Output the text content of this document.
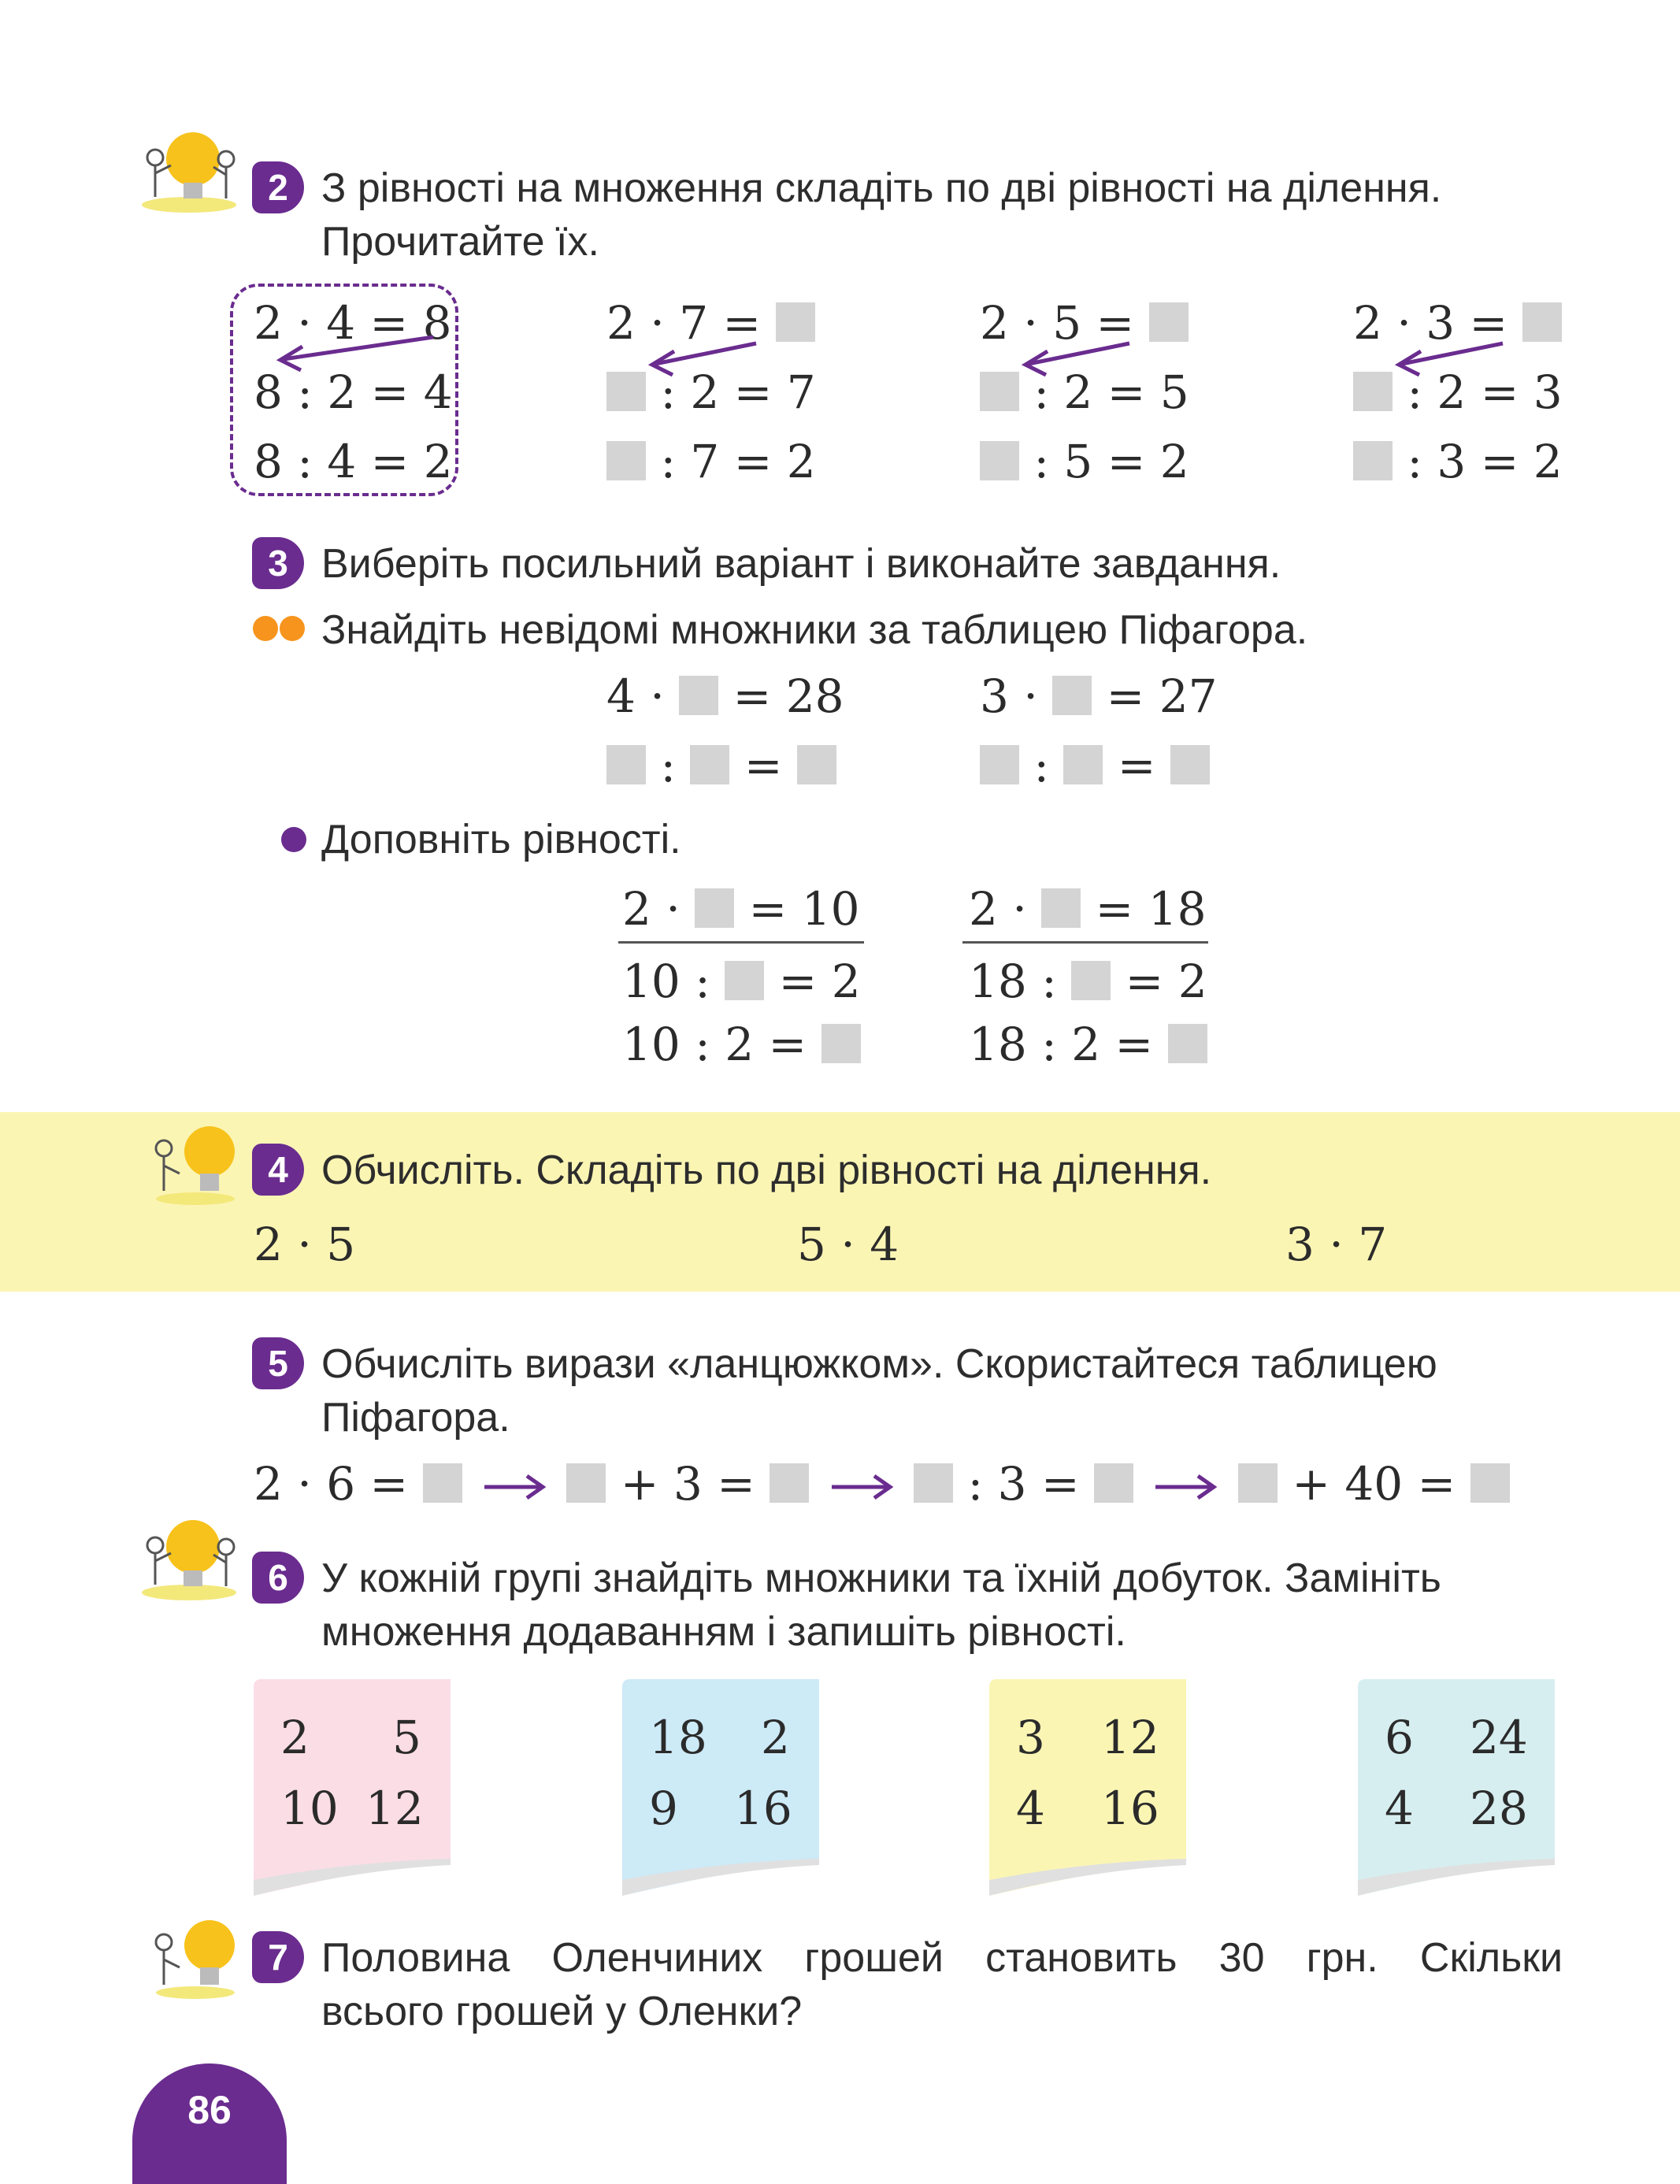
2 З рівності на множення складіть по дві рівності на ділення.
Прочитайте їх.
2 · 4 = 8
8 : 2 = 4
8 : 4 = 2
2 · 7 =
: 2 = 7
: 7 = 2
2 · 5 =
: 2 = 5
: 5 = 2
2 · 3 =
: 2 = 3
: 3 = 2
3 Виберіть посильний варіант і виконайте завдання.
Знайдіть невідомі множники за таблицею Піфагора.
4 · = 28	3 · = 27
: =	: =
Доповніть рівності.
2 · = 10
10 : = 2
10 : 2 =
2 · = 18
18 : = 2
18 : 2 =
4 Обчисліть. Складіть по дві рівності на ділення.
2 · 5	5 · 4	3 · 7
5 Обчисліть вирази «ланцюжком». Скористайтеся таблицею
Піфагора.
2 · 6 =	+ 3 =	: 3 =	+ 40 =
6 У кожній групі знайдіть множники та їхній добуток. Замініть
множення додаванням і запишіть рівності.
2 5
10 12
18 2
9 16
3 12
4 16
6 24
4 28
7 Половина Оленчиних грошей становить 30 грн. Скільки
всього грошей у Оленки?
86
